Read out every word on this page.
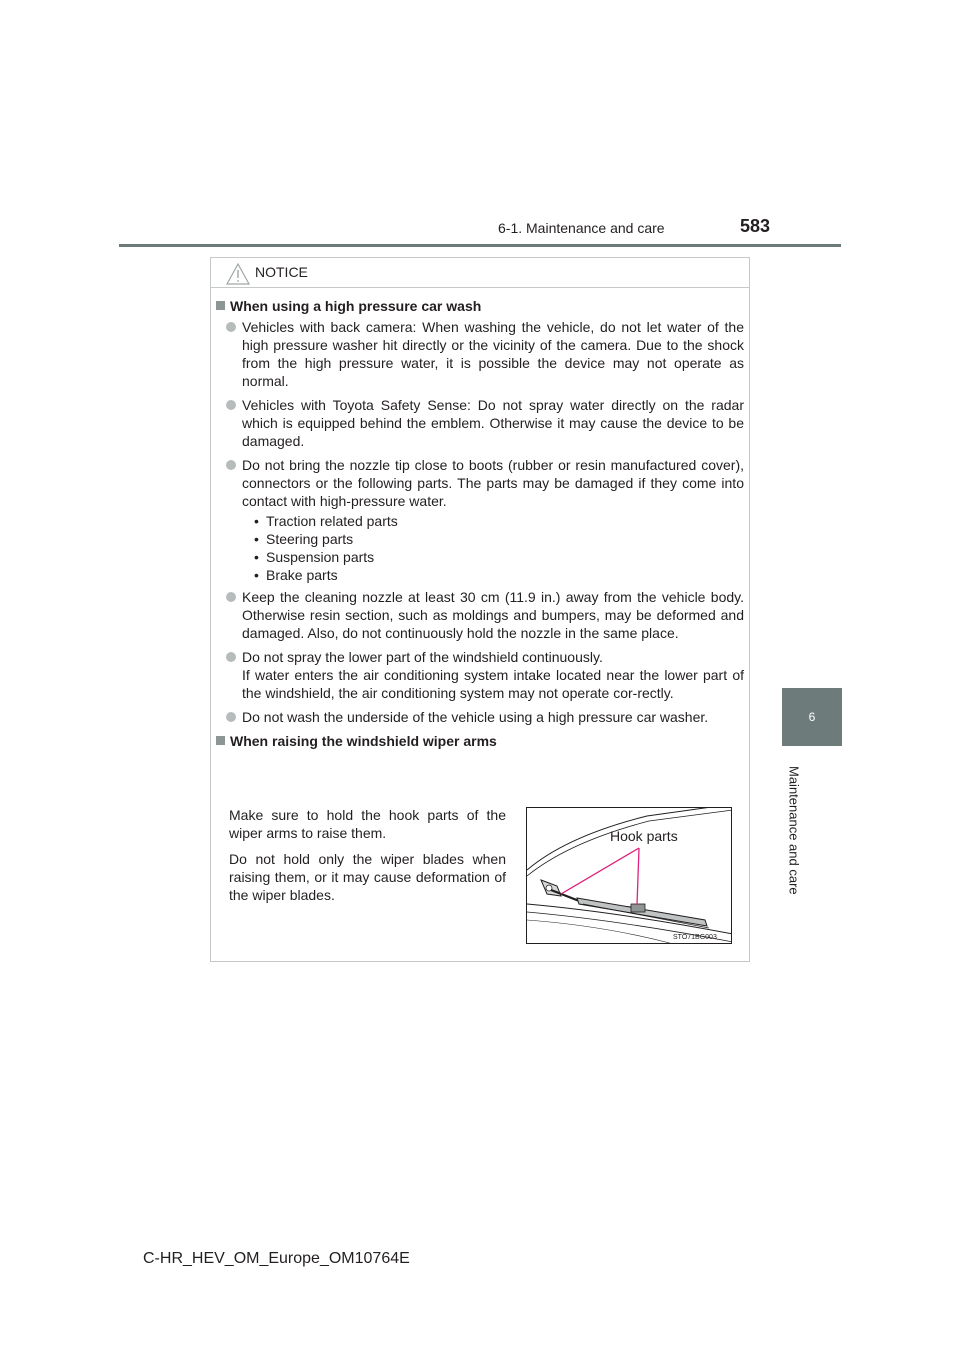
6-1. Maintenance and care	583
6
Maintenance and care
NOTICE
When using a high pressure car wash

Vehicles with back camera: When washing the vehicle, do not let water of the high pressure washer hit directly or the vicinity of the camera. Due to the shock from the high pressure water, it is possible the device may not operate as normal.

Vehicles with Toyota Safety Sense: Do not spray water directly on the radar which is equipped behind the emblem. Otherwise it may cause the device to be damaged.

Do not bring the nozzle tip close to boots (rubber or resin manufactured cover), connectors or the following parts. The parts may be damaged if they come into contact with high-pressure water.

• Traction related parts
• Steering parts
• Suspension parts
• Brake parts

Keep the cleaning nozzle at least 30 cm (11.9 in.) away from the vehicle body. Otherwise resin section, such as moldings and bumpers, may be deformed and damaged. Also, do not continuously hold the nozzle in the same place.

Do not spray the lower part of the windshield continuously.

If water enters the air conditioning system intake located near the lower part of the windshield, the air conditioning system may not operate cor-rectly.

Do not wash the underside of the vehicle using a high pressure car washer.

When raising the windshield wiper arms

Make sure to hold the hook parts of the wiper arms to raise them.

Do not hold only the wiper blades when raising them, or it may cause deformation of the wiper blades.

Hook parts
STO71BG003
C-HR_HEV_OM_Europe_OM10764E
